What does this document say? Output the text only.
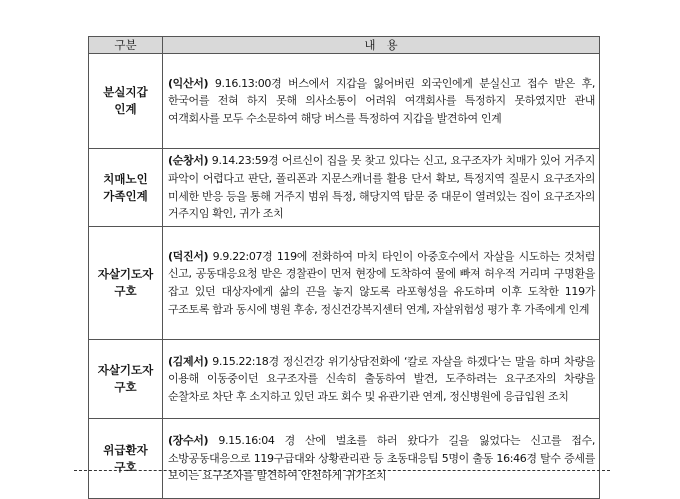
구분	내   용
분실지갑
인계	(익산서) 9.16.13:00경 버스에서 지갑을 잃어버린 외국인에게 분실신고 접수 받은 후, 한국어를 전혀 하지 못해 의사소통이 어려워 여객회사를 특정하지 못하였지만 관내 여객회사를 모두 수소문하여 해당 버스를 특정하여 지갑을 발견하여 인계
치매노인
가족인계	(순창서) 9.14.23:59경 어르신이 집을 못 찾고 있다는 신고, 요구조자가 치매가 있어 거주지 파악이 어렵다고 판단, 폴리폰과 지문스캐너를 활용 단서 확보, 특정지역 질문시 요구조자의 미세한 반응 등을 통해 거주지 범위 특정, 해당지역 탐문 중 대문이 열려있는 집이 요구조자의 거주지임 확인, 귀가 조치
자살기도자
구호	(덕진서) 9.9.22:07경 119에 전화하여 마치 타인이 아중호수에서 자살을 시도하는 것처럼 신고, 공동대응요청 받은 경찰관이 먼저 현장에 도착하여 물에 빠져 허우적 거리며 구명환을 잡고 있던 대상자에게 삶의 끈을 놓지 않도록 라포형성을 유도하며 이후 도착한 119가 구조토록 함과 동시에 병원 후송, 정신건강복지센터 연계, 자살위험성 평가 후 가족에게 인계
자살기도자
구호	(김제서) 9.15.22:18경 정신건강 위기상담전화에 ‘칼로 자살을 하겠다’는 말을 하며 차량을 이용해 이동중이던 요구조자를 신속히 출동하여 발견, 도주하려는 요구조자의 차량을 순찰차로 차단 후 소지하고 있던 과도 회수 및 유관기관 연계, 정신병원에 응급입원 조치
위급환자
구호	(장수서) 9.15.16:04 경 산에 벌초를 하러 왔다가 길을 잃었다는 신고를 접수, 소방공동대응으로 119구급대와 상황관리관 등 초동대응팀 5명이 출동 16:46경 탈수 증세를 보이는 요구조자를 발견하여 안전하게 귀가조치
